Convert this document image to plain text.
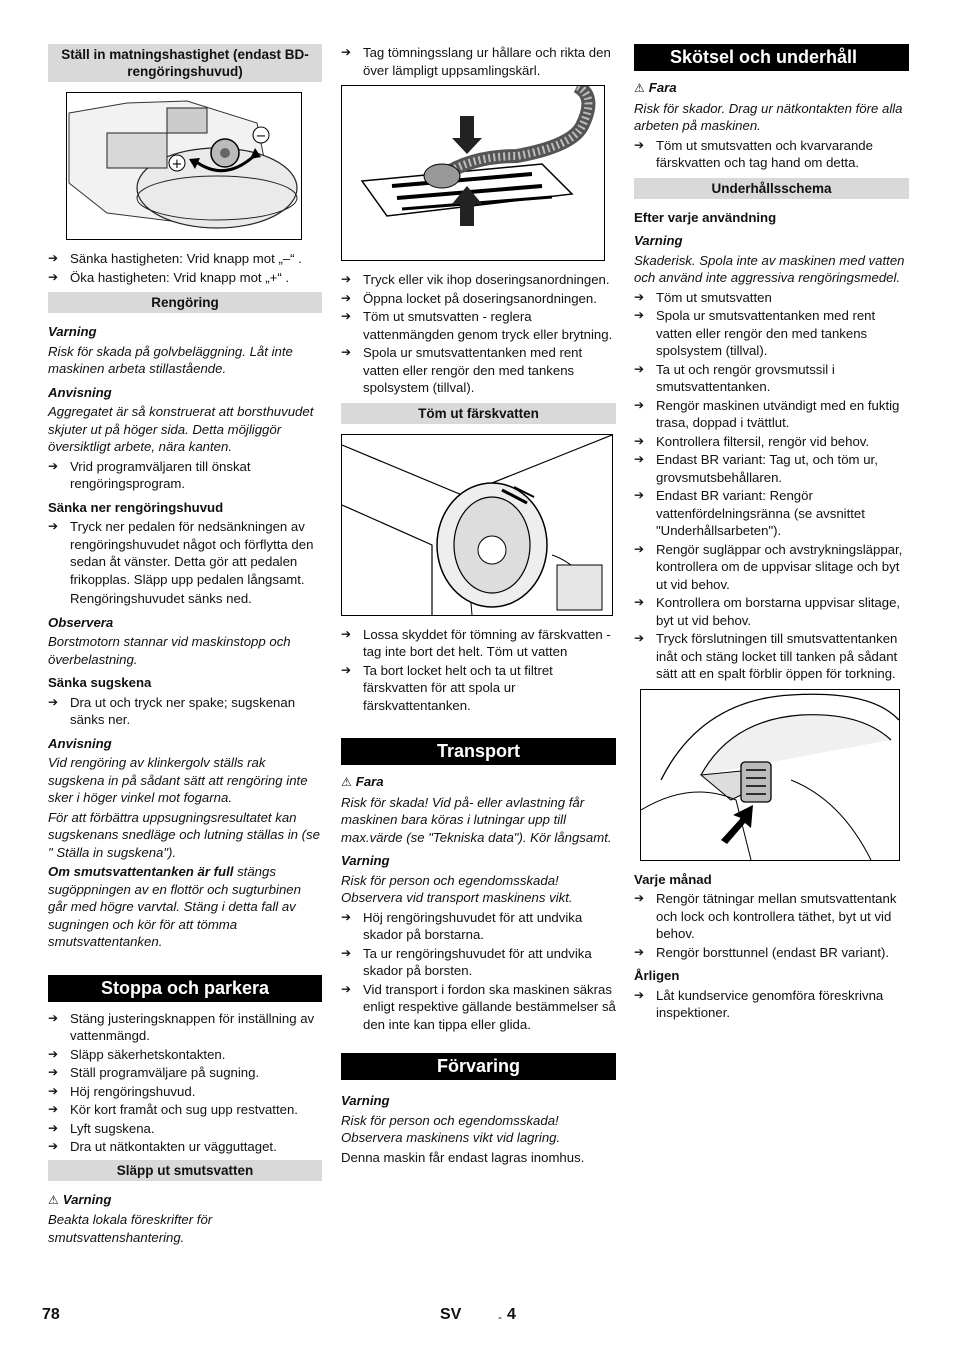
Ställ in matningshastighet (endast BD-rengöringshuvud)
+
−
➔ Sänka hastigheten: Vrid knapp mot „–“ .
➔ Öka hastigheten: Vrid knapp mot „+“ .
Rengöring
Varning

Risk för skada på golvbeläggning. Låt inte maskinen arbeta stillastående.

Anvisning

Aggregatet är så konstruerat att borsthuvudet skjuter ut på höger sida. Detta möjliggör översiktligt arbete, nära kanten.

➔ Vrid programväljaren till önskat rengöringsprogram.
Sänka ner rengöringshuvud
➔ Tryck ner pedalen för nedsänkningen av rengöringshuvudet något och förflytta den sedan åt vänster. Detta gör att pedalen frikopplas. Släpp upp pedalen långsamt.

Rengöringshuvudet sänks ned.

Observera

Borstmotorn stannar vid maskinstopp och överbelastning.

Sänka sugskena
➔ Dra ut och tryck ner spake; sugskenan sänks ner.
Anvisning

Vid rengöring av klinkergolv ställs rak sugskena in på sådant sätt att rengöring inte sker i höger vinkel mot fogarna.

För att förbättra uppsugningsresultatet kan sugskenans snedläge och lutning ställas in (se " Ställa in sugskena").

Om smutsvattentanken är full stängs sugöppningen av en flottör och sugturbinen går med högre varvtal. Stäng i detta fall av sugningen och kör för att tömma smutsvattentanken.

Stoppa och parkera
➔ Stäng justeringsknappen för inställning av vattenmängd.
➔ Släpp säkerhetskontakten.
➔ Ställ programväljare på sugning.
➔ Höj rengöringshuvud.
➔ Kör kort framåt och sug upp restvatten.
➔ Lyft sugskena.
➔ Dra ut nätkontakten ur vägguttaget.
Släpp ut smutsvatten
⚠ Varning

Beakta lokala föreskrifter för smutsvattenshantering.

➔ Tag tömningsslang ur hållare och rikta den över lämpligt uppsamlingskärl.
➔ Tryck eller vik ihop doseringsanordningen.
➔ Öppna locket på doseringsanordningen.
➔ Töm ut smutsvatten - reglera vattenmängden genom tryck eller brytning.
➔ Spola ur smutsvattentanken med rent vatten eller rengör den med tankens spolsystem (tillval).
Töm ut färskvatten
➔ Lossa skyddet för tömning av färskvatten - tag inte bort det helt. Töm ut vatten
➔ Ta bort locket helt och ta ut filtret färskvatten för att spola ur färskvattentanken.
Transport
⚠ Fara

Risk för skada! Vid på- eller avlastning får maskinen bara köras i lutningar upp till max.värde (se "Tekniska data"). Kör långsamt.

Varning

Risk för person och egendomsskada! Observera vid transport maskinens vikt.

➔ Höj rengöringshuvudet för att undvika skador på borstarna.
➔ Ta ur rengöringshuvudet för att undvika skador på borsten.
➔ Vid transport i fordon ska maskinen säkras enligt respektive gällande bestämmelser så den inte kan tippa eller glida.
Förvaring
Varning

Risk för person och egendomsskada! Observera maskinens vikt vid lagring.

Denna maskin får endast lagras inomhus.

Skötsel och underhåll
⚠ Fara

Risk för skador. Drag ur nätkontakten före alla arbeten på maskinen.

➔ Töm ut smutsvatten och kvarvarande färskvatten och tag hand om detta.
Underhållsschema
Efter varje användning
Varning

Skaderisk. Spola inte av maskinen med vatten och använd inte aggressiva rengöringsmedel.

➔ Töm ut smutsvatten
➔ Spola ur smutsvattentanken med rent vatten eller rengör den med tankens spolsystem (tillval).
➔ Ta ut och rengör grovsmutssil i smutsvattentanken.
➔ Rengör maskinen utvändigt med en fuktig trasa, doppad i tvättlut.
➔ Kontrollera filtersil, rengör vid behov.
➔ Endast BR variant: Tag ut, och töm ur, grovsmutsbehållaren.
➔ Endast BR variant: Rengör vattenfördelningsränna (se avsnittet "Underhållsarbeten").
➔ Rengör sugläppar och avstrykningsläppar, kontrollera om de uppvisar slitage och byt ut vid behov.
➔ Kontrollera om borstarna uppvisar slitage, byt ut vid behov.
➔ Tryck förslutningen till smutsvattentanken inåt och stäng locket till tanken på sådant sätt att en spalt förblir öppen för torkning.
Varje månad
➔ Rengör tätningar mellan smutsvattentank och lock och kontrollera täthet, byt ut vid behov.
➔ Rengör borsttunnel (endast BR variant).
Årligen
➔ Låt kundservice genomföra föreskrivna inspektioner.
78	SV	- 4
